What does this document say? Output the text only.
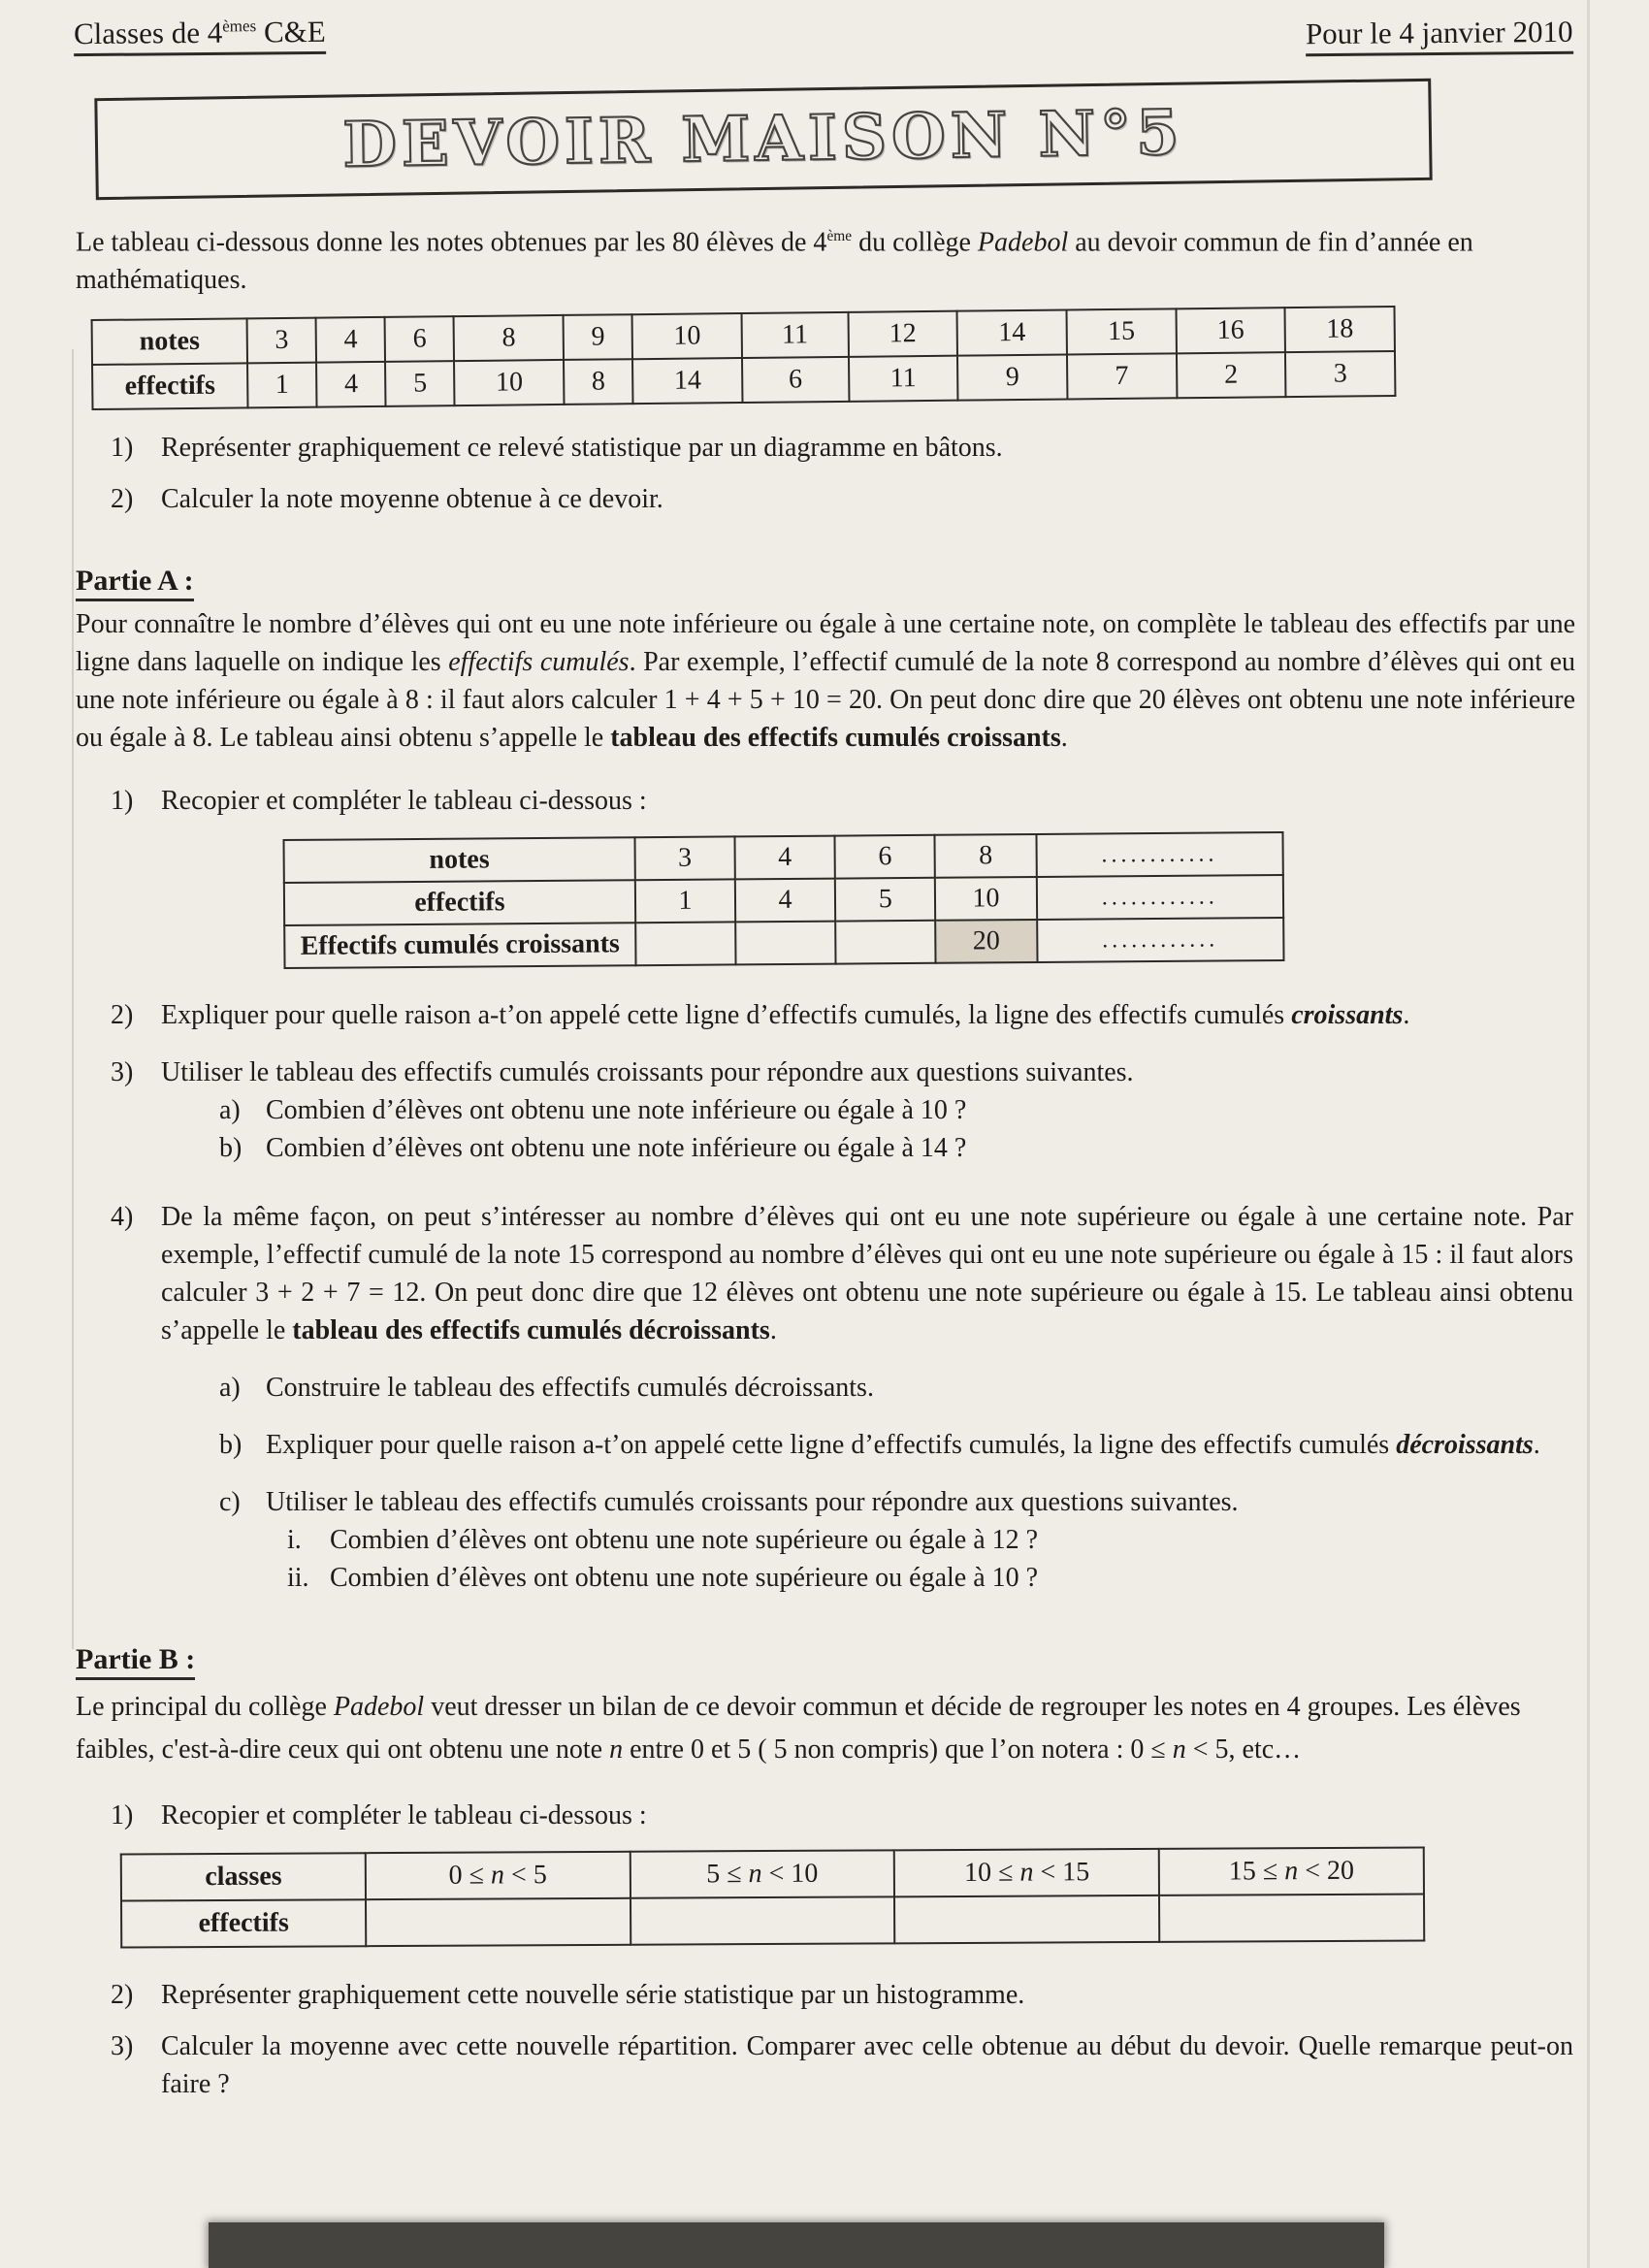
Classes de 4èmes C&E	Pour le 4 janvier 2010
DEVOIR MAISON N°5

Le tableau ci-dessous donne les notes obtenues par les 80 élèves de 4ème du collège Padebol au devoir commun de fin d’année en mathématiques.

notes	3	4	6	8	9	10	11	12	14	15	16	18
effectifs	1	4	5	10	8	14	6	11	9	7	2	3
1)	Représenter graphiquement ce relevé statistique par un diagramme en bâtons.
2)	Calculer la note moyenne obtenue à ce devoir.
Partie A :

Pour connaître le nombre d’élèves qui ont eu une note inférieure ou égale à une certaine note, on complète le tableau des effectifs par une ligne dans laquelle on indique les effectifs cumulés. Par exemple, l’effectif cumulé de la note 8 correspond au nombre d’élèves qui ont eu une note inférieure ou égale à 8 : il faut alors calculer 1 + 4 + 5 + 10 = 20. On peut donc dire que 20 élèves ont obtenu une note inférieure ou égale à 8. Le tableau ainsi obtenu s’appelle le tableau des effectifs cumulés croissants.

1)	Recopier et compléter le tableau ci-dessous :
notes	3	4	6	8	............
effectifs	1	4	5	10	............
Effectifs cumulés croissants				20	............
2)	Expliquer pour quelle raison a-t’on appelé cette ligne d’effectifs cumulés, la ligne des effectifs cumulés croissants.
3)	Utiliser le tableau des effectifs cumulés croissants pour répondre aux questions suivantes.
a) Combien d’élèves ont obtenu une note inférieure ou égale à 10 ?
b) Combien d’élèves ont obtenu une note inférieure ou égale à 14 ?
4)	De la même façon, on peut s’intéresser au nombre d’élèves qui ont eu une note supérieure ou égale à une certaine note. Par exemple, l’effectif cumulé de la note 15 correspond au nombre d’élèves qui ont eu une note supérieure ou égale à 15 : il faut alors calculer 3 + 2 + 7 = 12. On peut donc dire que 12 élèves ont obtenu une note supérieure ou égale à 15. Le tableau ainsi obtenu s’appelle le tableau des effectifs cumulés décroissants.
a) Construire le tableau des effectifs cumulés décroissants.
b) Expliquer pour quelle raison a-t’on appelé cette ligne d’effectifs cumulés, la ligne des effectifs cumulés décroissants.
c) Utiliser le tableau des effectifs cumulés croissants pour répondre aux questions suivantes.
i.	Combien d’élèves ont obtenu une note supérieure ou égale à 12 ?
ii. Combien d’élèves ont obtenu une note supérieure ou égale à 10 ?
Partie B :

Le principal du collège Padebol veut dresser un bilan de ce devoir commun et décide de regrouper les notes en 4 groupes. Les élèves faibles, c'est-à-dire ceux qui ont obtenu une note n entre 0 et 5 ( 5 non compris) que l’on notera : 0 ≤ n < 5, etc…

1)	Recopier et compléter le tableau ci-dessous :
classes	0 ≤ n < 5	5 ≤ n < 10	10 ≤ n < 15	15 ≤ n < 20
effectifs				
2)	Représenter graphiquement cette nouvelle série statistique par un histogramme.
3)	Calculer la moyenne avec cette nouvelle répartition. Comparer avec celle obtenue au début du devoir. Quelle remarque peut-on faire ?
